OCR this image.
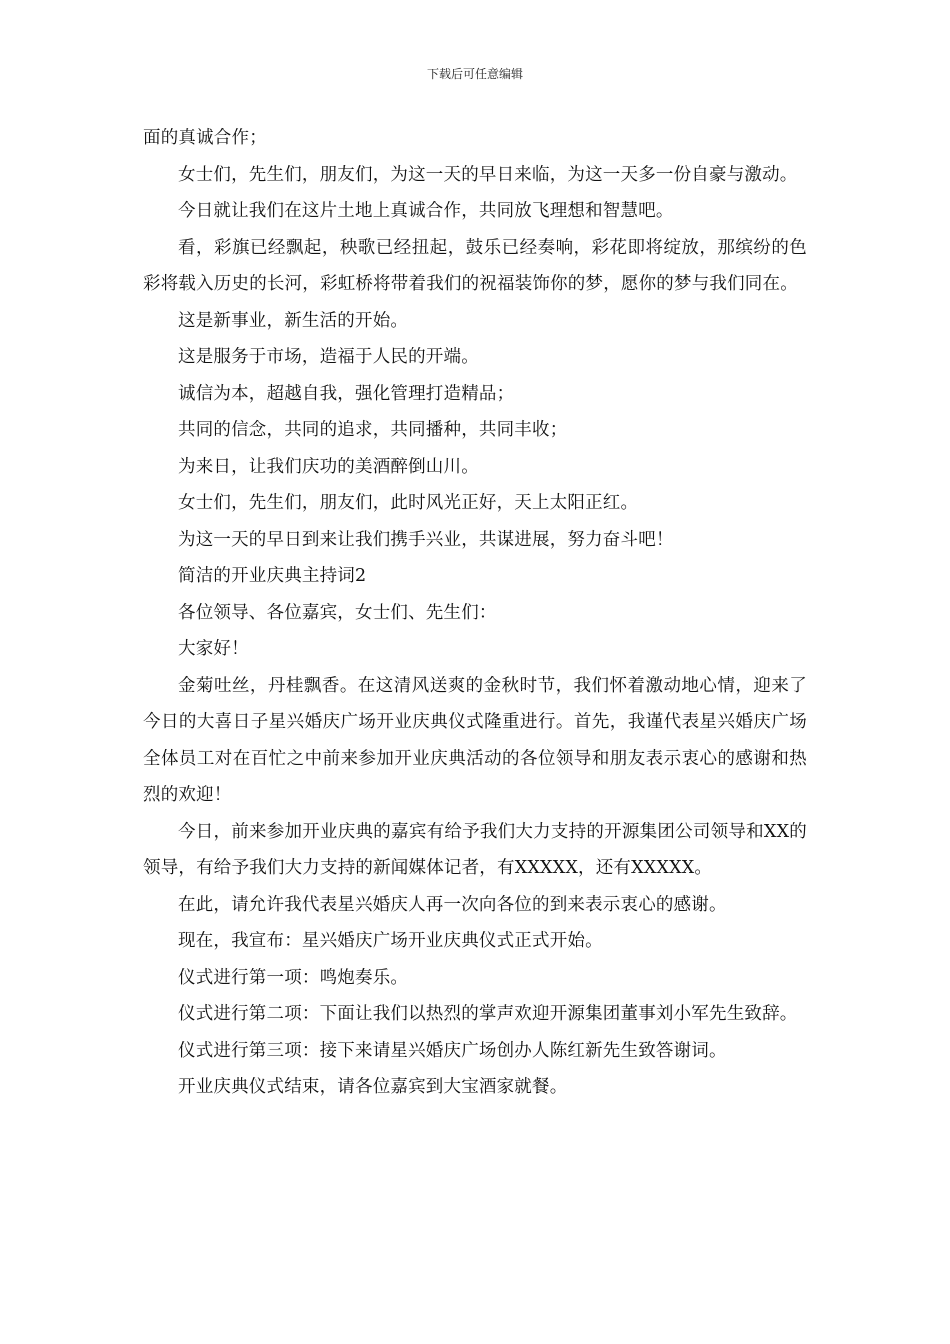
下载后可任意编辑

面的真诚合作；

女士们，先生们，朋友们，为这一天的早日来临，为这一天多一份自豪与激动。

今日就让我们在这片土地上真诚合作，共同放飞理想和智慧吧。

看，彩旗已经飘起，秧歌已经扭起，鼓乐已经奏响，彩花即将绽放，那缤纷的色彩将载入历史的长河，彩虹桥将带着我们的祝福装饰你的梦，愿你的梦与我们同在。

这是新事业，新生活的开始。

这是服务于市场，造福于人民的开端。

诚信为本，超越自我，强化管理打造精品；

共同的信念，共同的追求，共同播种，共同丰收；

为来日，让我们庆功的美酒醉倒山川。

女士们，先生们，朋友们，此时风光正好，天上太阳正红。

为这一天的早日到来让我们携手兴业，共谋进展，努力奋斗吧！

简洁的开业庆典主持词2

各位领导、各位嘉宾，女士们、先生们：

大家好！

金菊吐丝，丹桂飘香。在这清风送爽的金秋时节，我们怀着激动地心情，迎来了今日的大喜日子星兴婚庆广场开业庆典仪式隆重进行。首先，我谨代表星兴婚庆广场全体员工对在百忙之中前来参加开业庆典活动的各位领导和朋友表示衷心的感谢和热烈的欢迎！

今日，前来参加开业庆典的嘉宾有给予我们大力支持的开源集团公司领导和XX的领导，有给予我们大力支持的新闻媒体记者，有XXXXX，还有XXXXX。

在此，请允许我代表星兴婚庆人再一次向各位的到来表示衷心的感谢。

现在，我宣布：星兴婚庆广场开业庆典仪式正式开始。

仪式进行第一项：鸣炮奏乐。

仪式进行第二项：下面让我们以热烈的掌声欢迎开源集团董事刘小军先生致辞。

仪式进行第三项：接下来请星兴婚庆广场创办人陈红新先生致答谢词。

开业庆典仪式结束，请各位嘉宾到大宝酒家就餐。
